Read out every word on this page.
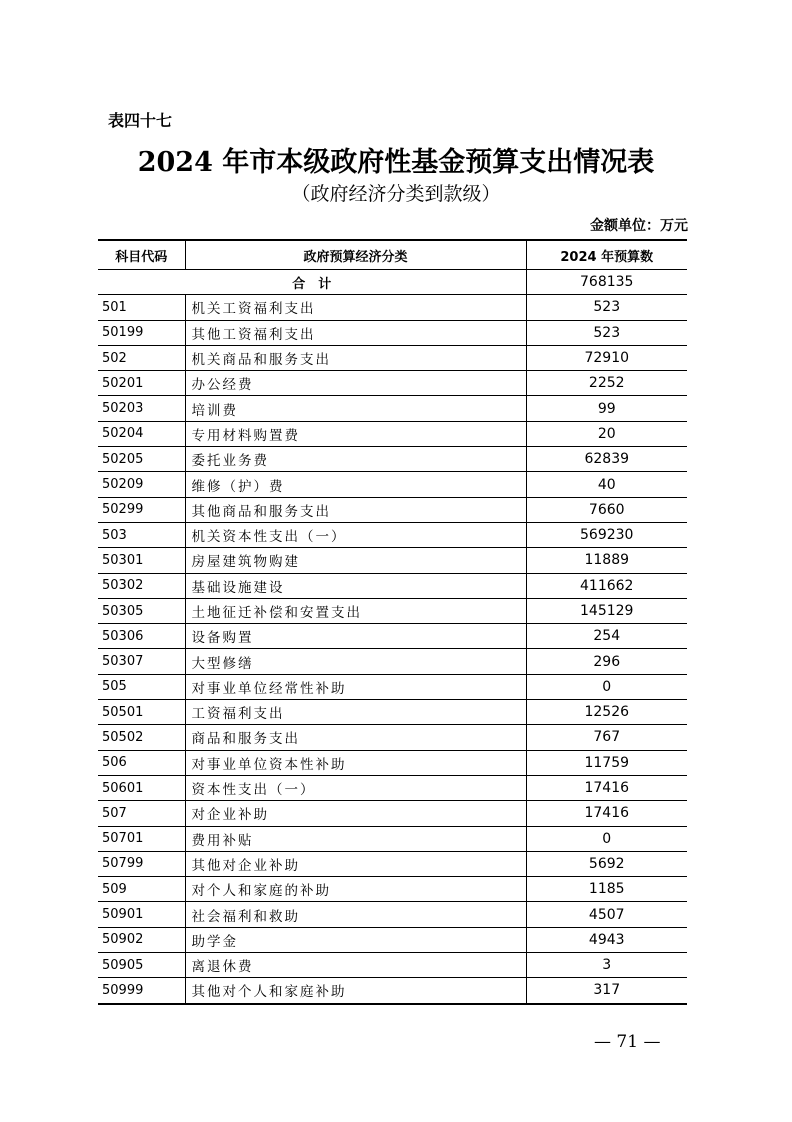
表四十七
2024 年市本级政府性基金预算支出情况表
（政府经济分类到款级）
金额单位：万元
科目代码	政府预算经济分类	2024 年预算数
合　计		768135
501	机关工资福利支出	523
50199	其他工资福利支出	523
502	机关商品和服务支出	72910
50201	办公经费	2252
50203	培训费	99
50204	专用材料购置费	20
50205	委托业务费	62839
50209	维修（护）费	40
50299	其他商品和服务支出	7660
503	机关资本性支出（一）	569230
50301	房屋建筑物购建	11889
50302	基础设施建设	411662
50305	土地征迁补偿和安置支出	145129
50306	设备购置	254
50307	大型修缮	296
505	对事业单位经常性补助	0
50501	工资福利支出	12526
50502	商品和服务支出	767
506	对事业单位资本性补助	11759
50601	资本性支出（一）	17416
507	对企业补助	17416
50701	费用补贴	0
50799	其他对企业补助	5692
509	对个人和家庭的补助	1185
50901	社会福利和救助	4507
50902	助学金	4943
50905	离退休费	3
50999	其他对个人和家庭补助	317
— 71 —
